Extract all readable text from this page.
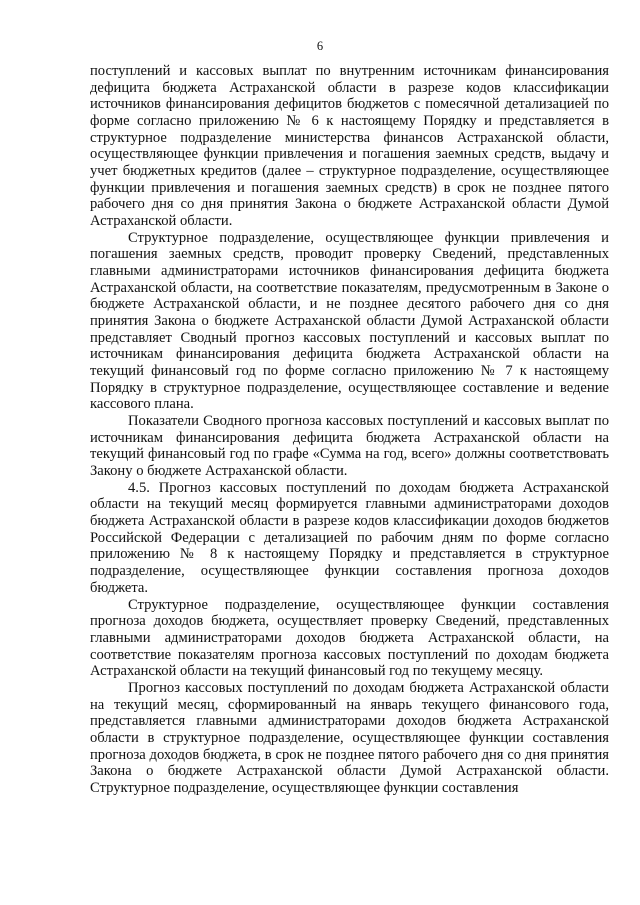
6

поступлений и кассовых выплат по внутренним источникам финансирования дефицита бюджета Астраханской области в разрезе кодов классификации источников финансирования дефицитов бюджетов с помесячной детализацией по форме согласно приложению № 6 к настоящему Порядку и представляется в структурное подразделение министерства финансов Астраханской области, осуществляющее функции привлечения и погашения заемных средств, выдачу и учет бюджетных кредитов (далее – структурное подразделение, осуществляющее функции привлечения и погашения заемных средств) в срок не позднее пятого рабочего дня со дня принятия Закона о бюджете Астраханской области Думой Астраханской области.

Структурное подразделение, осуществляющее функции привлечения и погашения заемных средств, проводит проверку Сведений, представленных главными администраторами источников финансирования дефицита бюджета Астраханской области, на соответствие показателям, предусмотренным в Законе о бюджете Астраханской области, и не позднее десятого рабочего дня со дня принятия Закона о бюджете Астраханской области Думой Астраханской области представляет Сводный прогноз кассовых поступлений и кассовых выплат по источникам финансирования дефицита бюджета Астраханской области на текущий финансовый год по форме согласно приложению № 7 к настоящему Порядку в структурное подразделение, осуществляющее составление и ведение кассового плана.

Показатели Сводного прогноза кассовых поступлений и кассовых выплат по источникам финансирования дефицита бюджета Астраханской области на текущий финансовый год по графе «Сумма на год, всего» должны соответствовать Закону о бюджете Астраханской области.

4.5. Прогноз кассовых поступлений по доходам бюджета Астраханской области на текущий месяц формируется главными администраторами доходов бюджета Астраханской области в разрезе кодов классификации доходов бюджетов Российской Федерации с детализацией по рабочим дням по форме согласно приложению № 8 к настоящему Порядку и представляется в структурное подразделение, осуществляющее функции составления прогноза доходов бюджета.

Структурное подразделение, осуществляющее функции составления прогноза доходов бюджета, осуществляет проверку Сведений, представленных главными администраторами доходов бюджета Астраханской области, на соответствие показателям прогноза кассовых поступлений по доходам бюджета Астраханской области на текущий финансовый год по текущему месяцу.

Прогноз кассовых поступлений по доходам бюджета Астраханской области на текущий месяц, сформированный на январь текущего финансового года, представляется главными администраторами доходов бюджета Астраханской области в структурное подразделение, осуществляющее функции составления прогноза доходов бюджета, в срок не позднее пятого рабочего дня со дня принятия Закона о бюджете Астраханской области Думой Астраханской области. Структурное подразделение, осуществляющее функции составления
